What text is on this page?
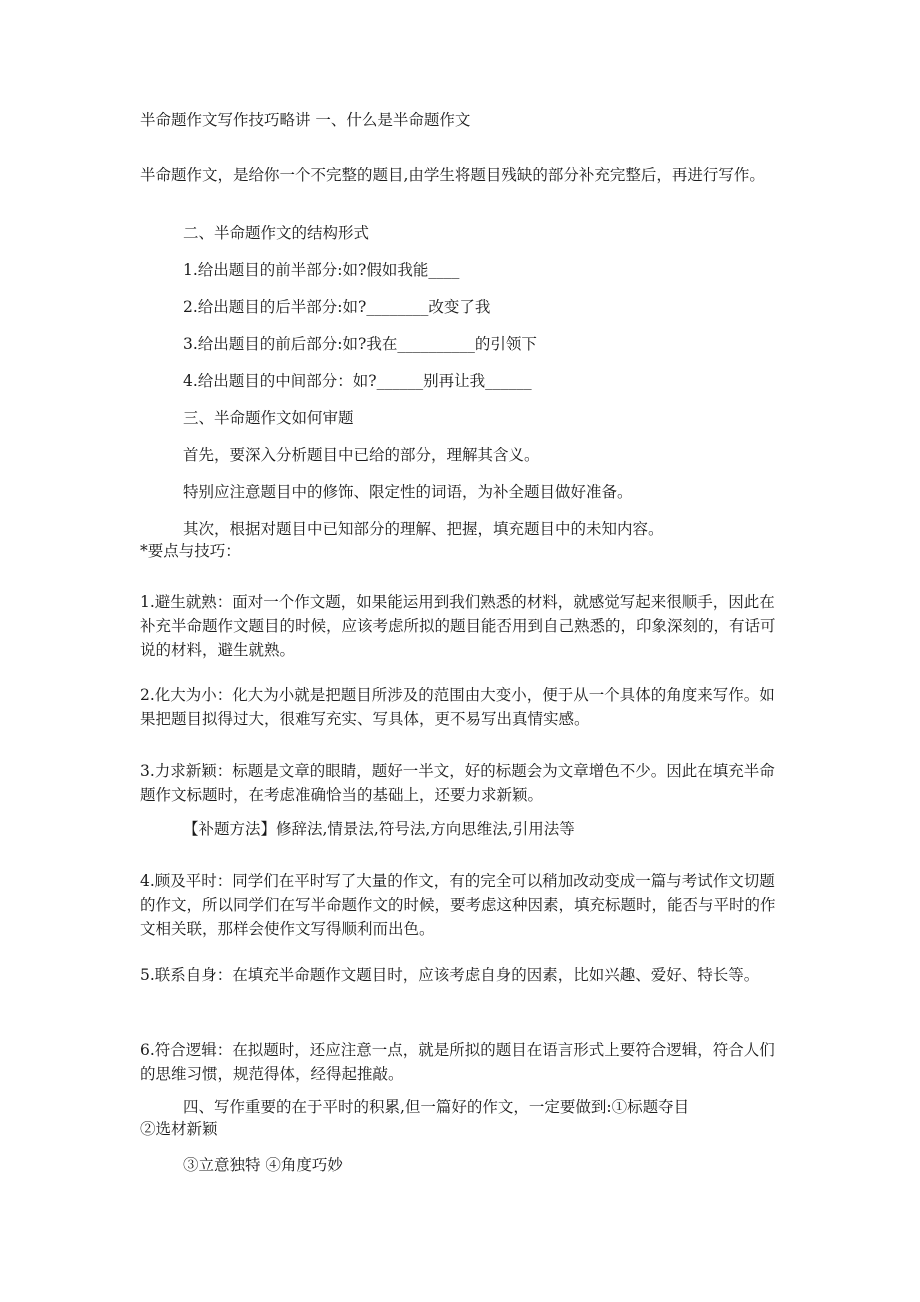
半命题作文写作技巧略讲 一、什么是半命题作文

半命题作文，是给你一个不完整的题目,由学生将题目残缺的部分补充完整后，再进行写作。

二、半命题作文的结构形式

1.给出题目的前半部分:如?假如我能____

2.给出题目的后半部分:如?________改变了我

3.给出题目的前后部分:如?我在__________的引领下

4.给出题目的中间部分：如?______别再让我______

三、半命题作文如何审题

首先，要深入分析题目中已给的部分，理解其含义。

特别应注意题目中的修饰、限定性的词语，为补全题目做好准备。

其次，根据对题目中已知部分的理解、把握，填充题目中的未知内容。

*要点与技巧：

1.避生就熟：面对一个作文题，如果能运用到我们熟悉的材料，就感觉写起来很顺手，因此在补充半命题作文题目的时候，应该考虑所拟的题目能否用到自己熟悉的，印象深刻的，有话可说的材料，避生就熟。

2.化大为小：化大为小就是把题目所涉及的范围由大变小，便于从一个具体的角度来写作。如果把题目拟得过大，很难写充实、写具体，更不易写出真情实感。

3.力求新颖：标题是文章的眼睛，题好一半文，好的标题会为文章增色不少。因此在填充半命题作文标题时，在考虑准确恰当的基础上，还要力求新颖。

【补题方法】修辞法,情景法,符号法,方向思维法,引用法等

4.顾及平时：同学们在平时写了大量的作文，有的完全可以稍加改动变成一篇与考试作文切题的作文，所以同学们在写半命题作文的时候，要考虑这种因素，填充标题时，能否与平时的作文相关联，那样会使作文写得顺利而出色。

5.联系自身：在填充半命题作文题目时，应该考虑自身的因素，比如兴趣、爱好、特长等。

6.符合逻辑：在拟题时，还应注意一点，就是所拟的题目在语言形式上要符合逻辑，符合人们的思维习惯，规范得体，经得起推敲。

四、写作重要的在于平时的积累,但一篇好的作文，一定要做到:①标题夺目

②选材新颖

③立意独特 ④角度巧妙
